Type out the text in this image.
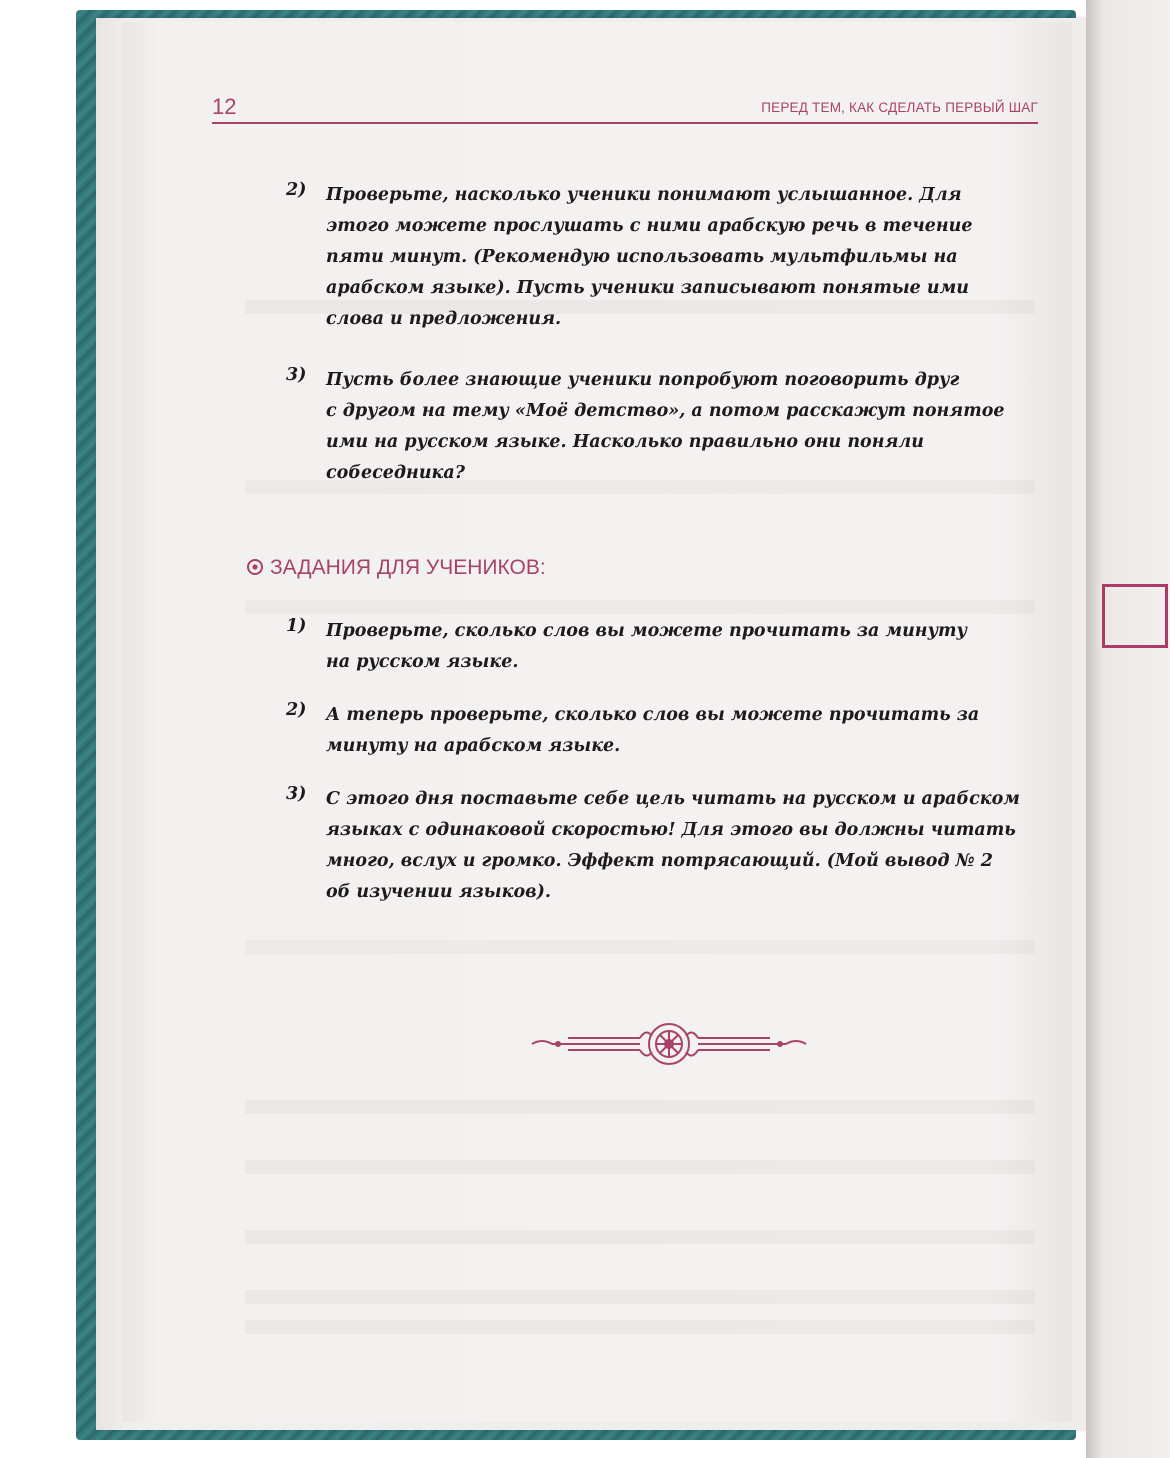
12	ПЕРЕД ТЕМ, КАК СДЕЛАТЬ ПЕРВЫЙ ШАГ
2) Проверьте, насколько ученики понимают услышанное. Для
этого можете прослушать с ними арабскую речь в течение
пяти минут. (Рекомендую использовать мультфильмы на
арабском языке). Пусть ученики записывают понятые ими
слова и предложения.

3) Пусть более знающие ученики попробуют поговорить друг
с другом на тему «Моё детство», а потом расскажут понятое
ими на русском языке. Насколько правильно они поняли
собеседника?

ЗАДАНИЯ ДЛЯ УЧЕНИКОВ:
1) Проверьте, сколько слов вы можете прочитать за минуту
на русском языке.

2) А теперь проверьте, сколько слов вы можете прочитать за
минуту на арабском языке.

3) С этого дня поставьте себе цель читать на русском и арабском
языках с одинаковой скоростью! Для этого вы должны читать
много, вслух и громко. Эффект потрясающий. (Мой вывод № 2
об изучении языков).
